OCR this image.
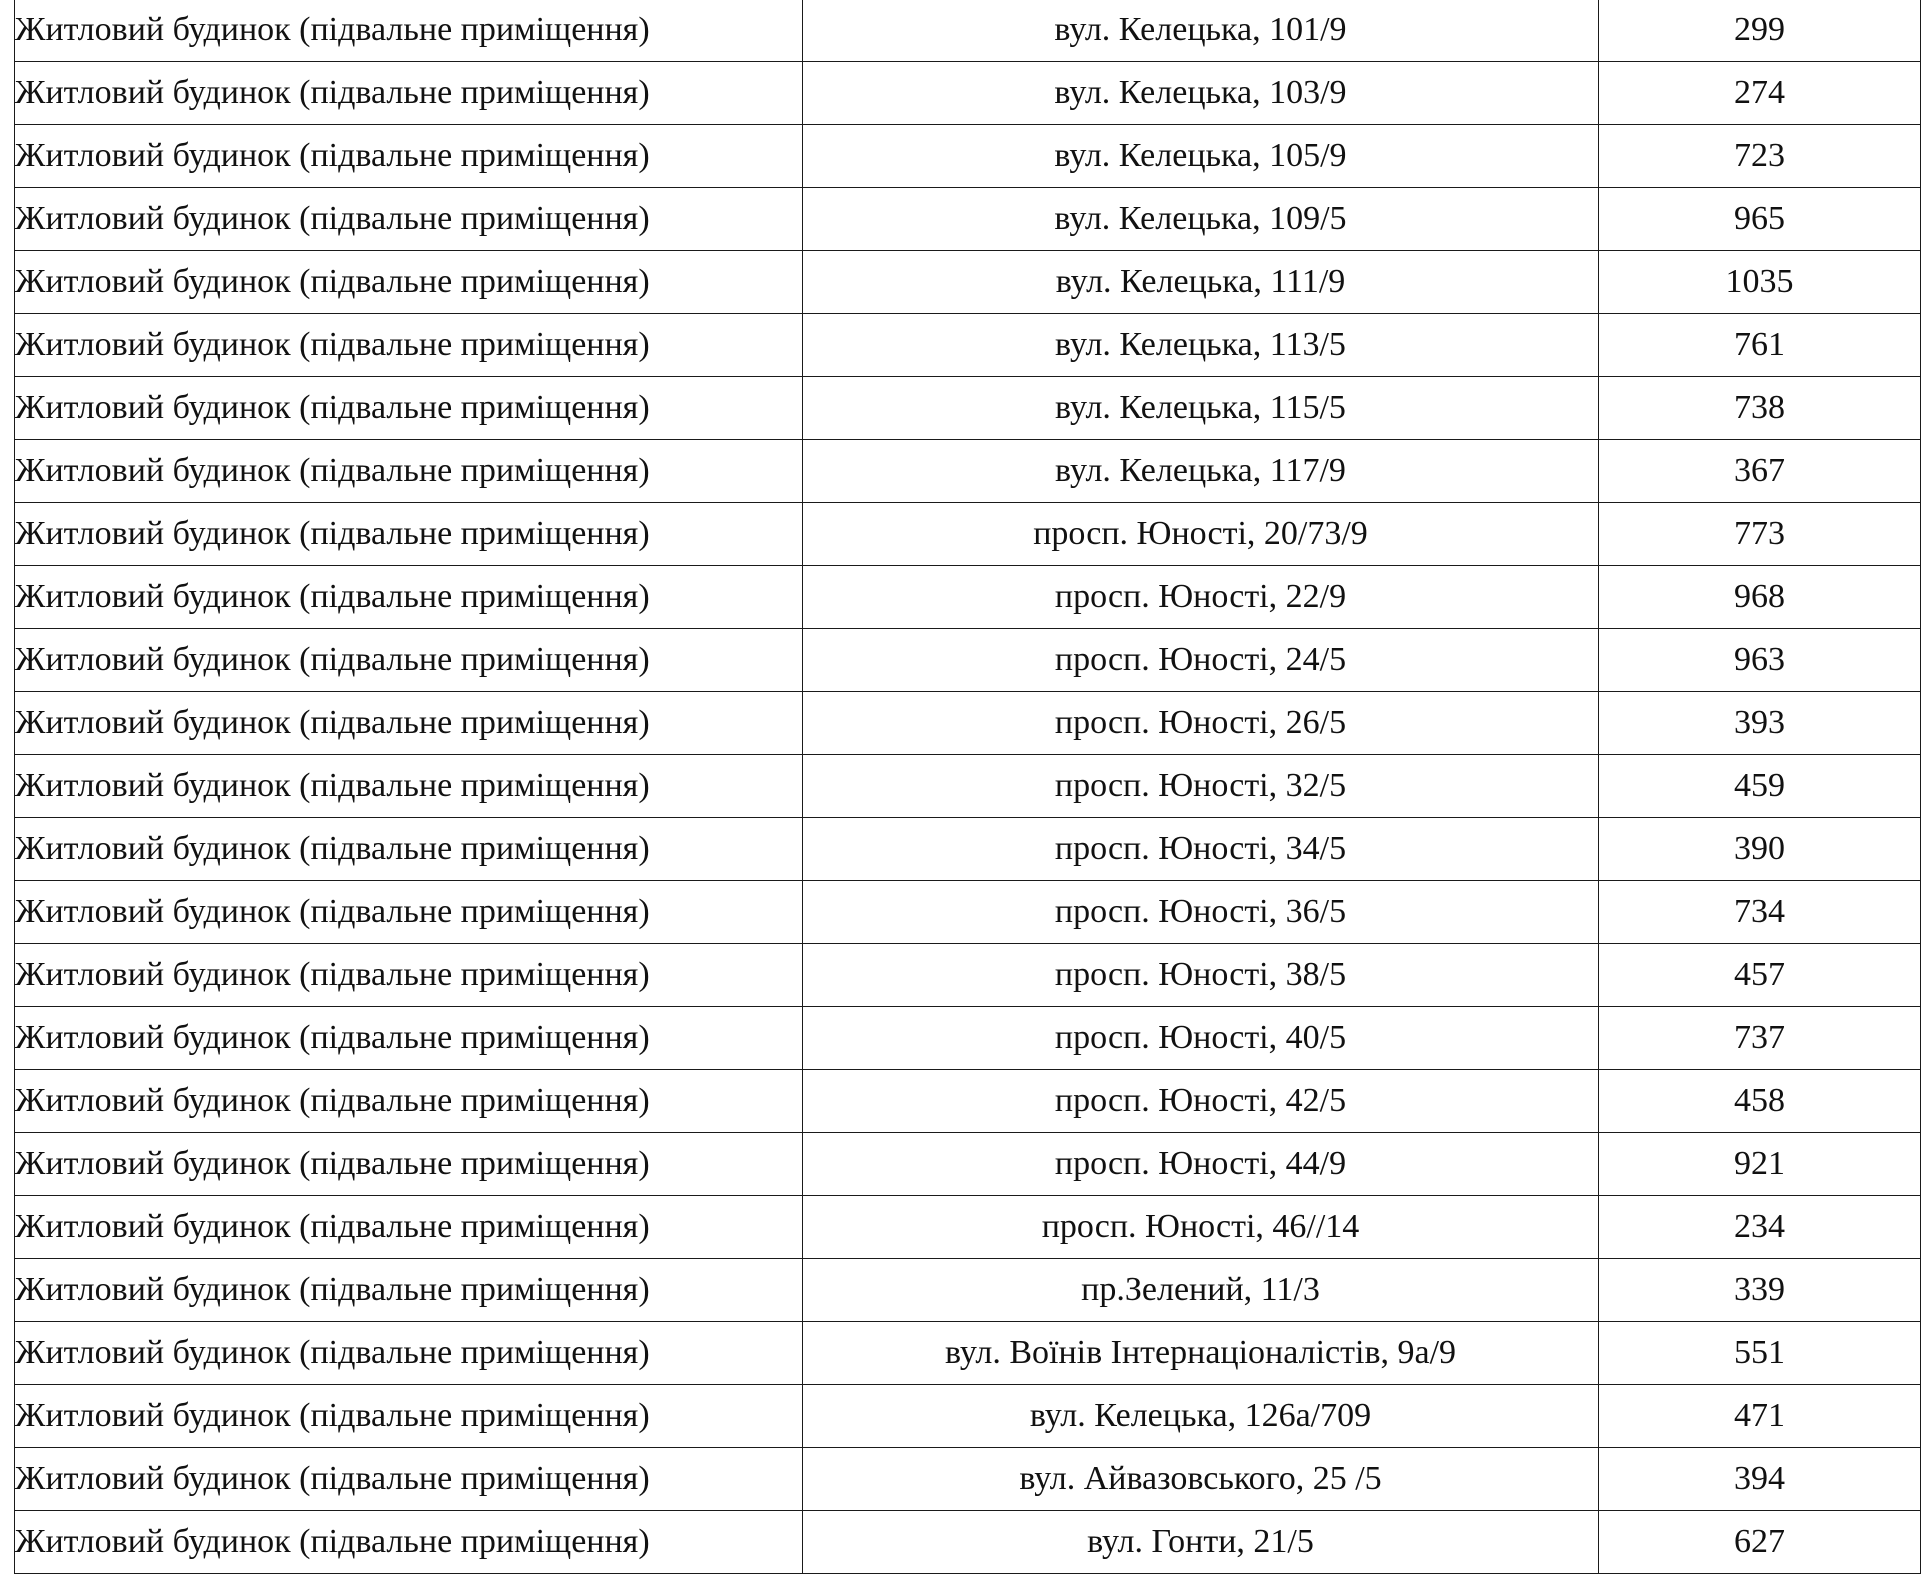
Житловий будинок (підвальне приміщення)	вул. Келецька, 101/9	299
Житловий будинок (підвальне приміщення)	вул. Келецька, 103/9	274
Житловий будинок (підвальне приміщення)	вул. Келецька, 105/9	723
Житловий будинок (підвальне приміщення)	вул. Келецька, 109/5	965
Житловий будинок (підвальне приміщення)	вул. Келецька, 111/9	1035
Житловий будинок (підвальне приміщення)	вул. Келецька, 113/5	761
Житловий будинок (підвальне приміщення)	вул. Келецька, 115/5	738
Житловий будинок (підвальне приміщення)	вул. Келецька, 117/9	367
Житловий будинок (підвальне приміщення)	просп. Юності, 20/73/9	773
Житловий будинок (підвальне приміщення)	просп. Юності, 22/9	968
Житловий будинок (підвальне приміщення)	просп. Юності, 24/5	963
Житловий будинок (підвальне приміщення)	просп. Юності, 26/5	393
Житловий будинок (підвальне приміщення)	просп. Юності, 32/5	459
Житловий будинок (підвальне приміщення)	просп. Юності, 34/5	390
Житловий будинок (підвальне приміщення)	просп. Юності, 36/5	734
Житловий будинок (підвальне приміщення)	просп. Юності, 38/5	457
Житловий будинок (підвальне приміщення)	просп. Юності, 40/5	737
Житловий будинок (підвальне приміщення)	просп. Юності, 42/5	458
Житловий будинок (підвальне приміщення)	просп. Юності, 44/9	921
Житловий будинок (підвальне приміщення)	просп. Юності, 46//14	234
Житловий будинок (підвальне приміщення)	пр.Зелений, 11/3	339
Житловий будинок (підвальне приміщення)	вул. Воїнів Інтернаціоналістів, 9а/9	551
Житловий будинок (підвальне приміщення)	вул. Келецька, 126а/709	471
Житловий будинок (підвальне приміщення)	вул. Айвазовського, 25 /5	394
Житловий будинок (підвальне приміщення)	вул. Гонти, 21/5	627
